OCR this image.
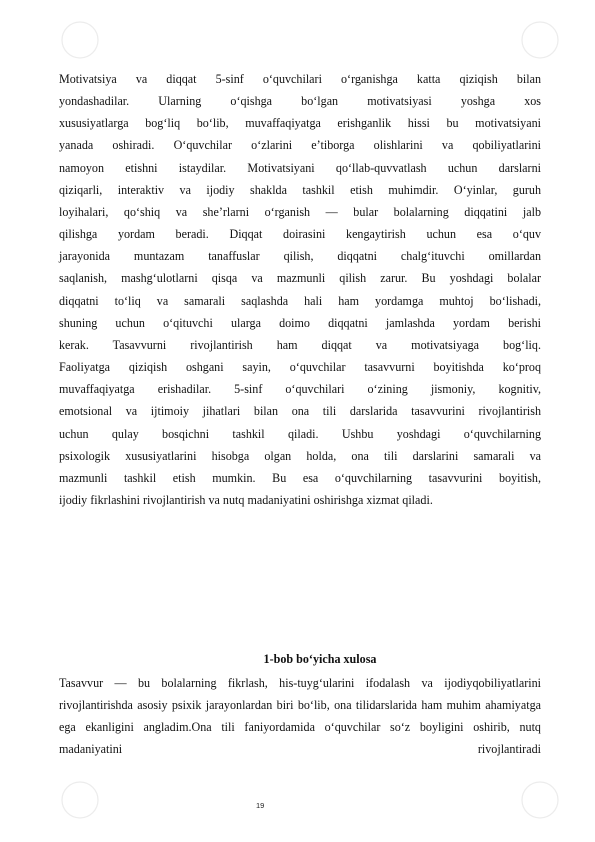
Motivatsiya va diqqat 5-sinf o‘quvchilari o‘rganishga katta qiziqish bilan
yondashadilar. Ularning o‘qishga bo‘lgan motivatsiyasi yoshga xos
xususiyatlarga bog‘liq bo‘lib, muvaffaqiyatga erishganlik hissi bu motivatsiyani
yanada oshiradi. O‘quvchilar o‘zlarini e’tiborga olishlarini va qobiliyatlarini
namoyon etishni istaydilar. Motivatsiyani qo‘llab-quvvatlash uchun darslarni
qiziqarli, interaktiv va ijodiy shaklda tashkil etish muhimdir. O‘yinlar, guruh
loyihalari, qo‘shiq va she’rlarni o‘rganish — bular bolalarning diqqatini jalb
qilishga yordam beradi. Diqqat doirasini kengaytirish uchun esa o‘quv
jarayonida muntazam tanaffuslar qilish, diqqatni chalg‘ituvchi omillardan
saqlanish, mashg‘ulotlarni qisqa va mazmunli qilish zarur. Bu yoshdagi bolalar
diqqatni to‘liq va samarali saqlashda hali ham yordamga muhtoj bo‘lishadi,
shuning uchun o‘qituvchi ularga doimo diqqatni jamlashda yordam berishi
kerak. Tasavvurni rivojlantirish ham diqqat va motivatsiyaga bog‘liq.
Faoliyatga qiziqish oshgani sayin, o‘quvchilar tasavvurni boyitishda ko‘proq
muvaffaqiyatga erishadilar. 5-sinf o‘quvchilari o‘zining jismoniy, kognitiv,
emotsional va ijtimoiy jihatlari bilan ona tili darslarida tasavvurini rivojlantirish
uchun qulay bosqichni tashkil qiladi. Ushbu yoshdagi o‘quvchilarning
psixologik xususiyatlarini hisobga olgan holda, ona tili darslarini samarali va
mazmunli tashkil etish mumkin. Bu esa o‘quvchilarning tasavvurini boyitish,
ijodiy fikrlashini rivojlantirish va nutq madaniyatini oshirishga xizmat qiladi.
1-bob bo‘yicha xulosa
Tasavvur — bu bolalarning fikrlash, his-tuyg‘ularini ifodalash va ijodiyqobiliyatlarini rivojlantirishda asosiy psixik jarayonlardan biri bo‘lib, ona tilidarslarida ham muhim ahamiyatga ega ekanligini angladim.Ona tili faniyordamida o‘quvchilar so‘z boyligini oshirib, nutq madaniyatini rivojlantiradi
19
